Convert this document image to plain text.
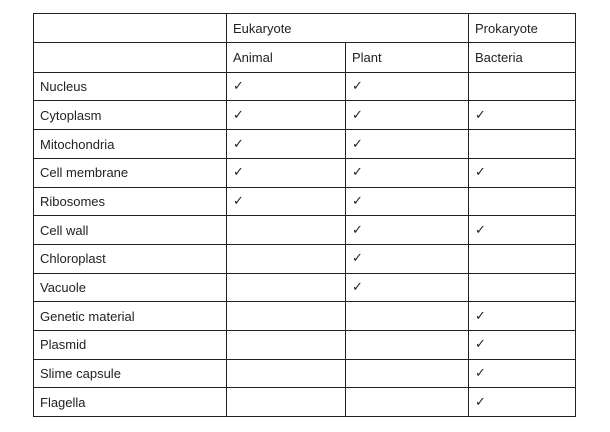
	Eukaryote		Prokaryote
	Animal	Plant	Bacteria
Nucleus	✓	✓	
Cytoplasm	✓	✓	✓
Mitochondria	✓	✓	
Cell membrane	✓	✓	✓
Ribosomes	✓	✓	
Cell wall		✓	✓
Chloroplast		✓	
Vacuole		✓	
Genetic material			✓
Plasmid			✓
Slime capsule			✓
Flagella			✓
